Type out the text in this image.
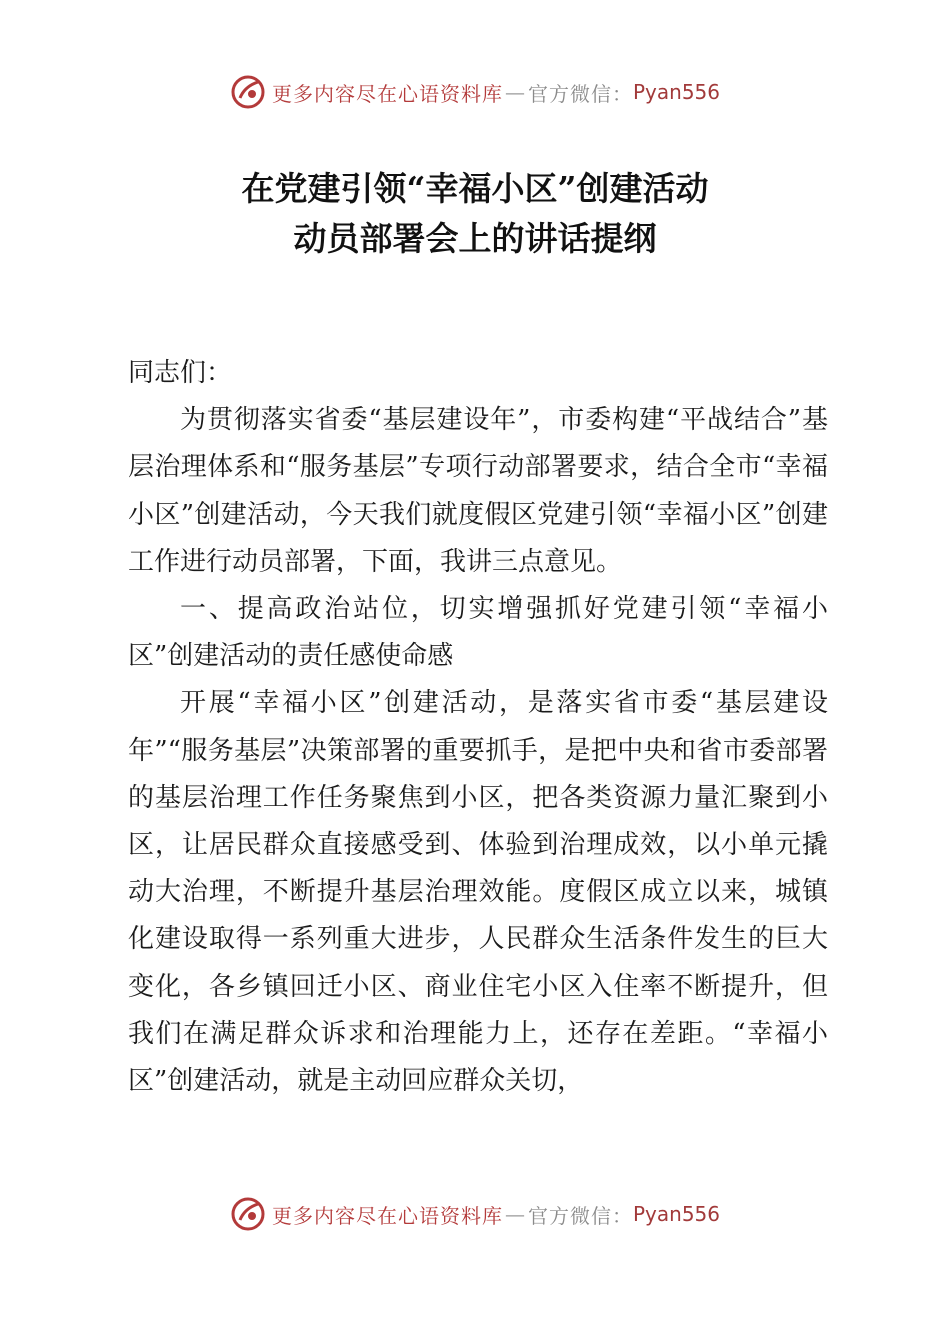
更多内容尽在心语资料库 — 官方微信： Pyan556
在党建引领“幸福小区”创建活动
动员部署会上的讲话提纲

同志们：

为贯彻落实省委“基层建设年”，市委构建“平战结合”基层治理体系和“服务基层”专项行动部署要求，结合全市“幸福小区”创建活动，今天我们就度假区党建引领“幸福小区”创建工作进行动员部署，下面，我讲三点意见。

一、提高政治站位，切实增强抓好党建引领“幸福小区”创建活动的责任感使命感

开展“幸福小区”创建活动，是落实省市委“基层建设年”“服务基层”决策部署的重要抓手，是把中央和省市委部署的基层治理工作任务聚焦到小区，把各类资源力量汇聚到小区，让居民群众直接感受到、体验到治理成效，以小单元撬动大治理，不断提升基层治理效能。度假区成立以来，城镇化建设取得一系列重大进步，人民群众生活条件发生的巨大变化，各乡镇回迁小区、商业住宅小区入住率不断提升，但我们在满足群众诉求和治理能力上，还存在差距。“幸福小区”创建活动，就是主动回应群众关切，

更多内容尽在心语资料库 — 官方微信： Pyan556
